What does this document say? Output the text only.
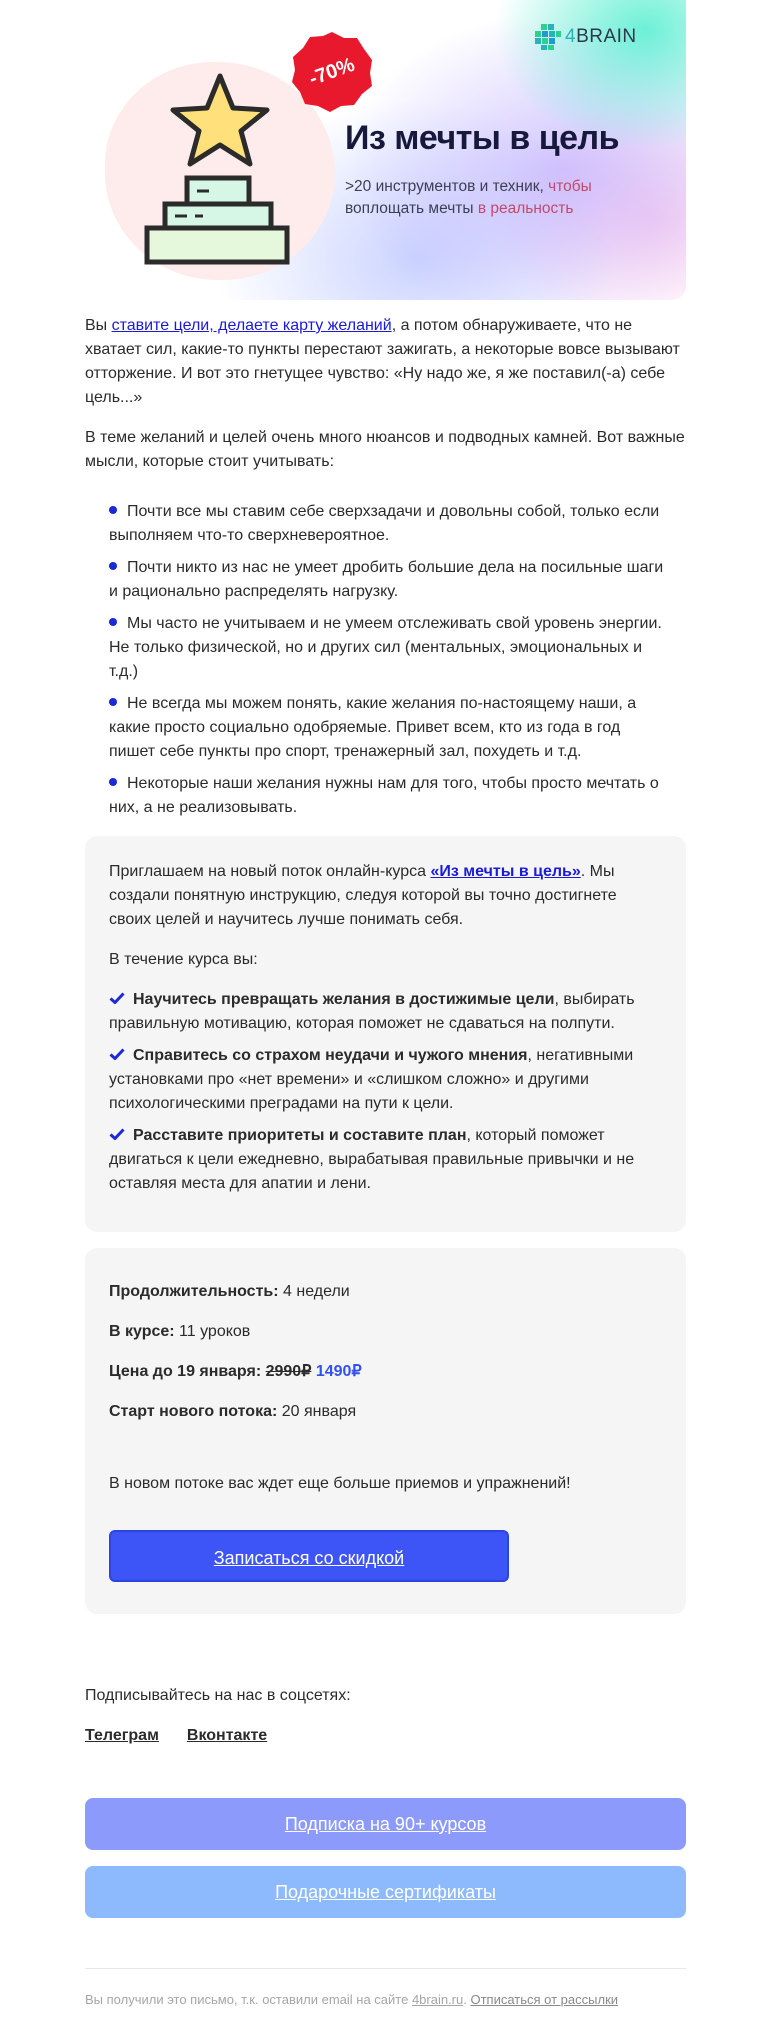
-70%
4BRAIN
Из мечты в цель
>20 инструментов и техник, чтобы воплощать мечты в реальность

Вы ставите цели, делаете карту желаний, а потом обнаруживаете, что не хватает сил, какие-то пункты перестают зажигать, а некоторые вовсе вызывают отторжение. И вот это гнетущее чувство: «Ну надо же, я же поставил(-а) себе цель...»

В теме желаний и целей очень много нюансов и подводных камней. Вот важные мысли, которые стоит учитывать:

Почти все мы ставим себе сверхзадачи и довольны собой, только если выполняем что-то сверхневероятное.
Почти никто из нас не умеет дробить большие дела на посильные шаги и рационально распределять нагрузку.
Мы часто не учитываем и не умеем отслеживать свой уровень энергии. Не только физической, но и других сил (ментальных, эмоциональных и т.д.)
Не всегда мы можем понять, какие желания по-настоящему наши, а какие просто социально одобряемые. Привет всем, кто из года в год пишет себе пункты про спорт, тренажерный зал, похудеть и т.д.
Некоторые наши желания нужны нам для того, чтобы просто мечтать о них, а не реализовывать.

Приглашаем на новый поток онлайн-курса «Из мечты в цель». Мы создали понятную инструкцию, следуя которой вы точно достигнете своих целей и научитесь лучше понимать себя.

В течение курса вы:

Научитесь превращать желания в достижимые цели, выбирать правильную мотивацию, которая поможет не сдаваться на полпути.
Справитесь со страхом неудачи и чужого мнения, негативными установками про «нет времени» и «слишком сложно» и другими психологическими преградами на пути к цели.
Расставите приоритеты и составите план, который поможет двигаться к цели ежедневно, вырабатывая правильные привычки и не оставляя места для апатии и лени.
Продолжительность: 4 недели
В курсе: 11 уроков
Цена до 19 января: 2990₽ 1490₽
Старт нового потока: 20 января
В новом потоке вас ждет еще больше приемов и упражнений!
Записаться со скидкой
Подписывайтесь на нас в соцсетях:
Телеграм Вконтакте
Подписка на 90+ курсов
Подарочные сертификаты
Вы получили это письмо, т.к. оставили email на сайте 4brain.ru. Отписаться от рассылки
